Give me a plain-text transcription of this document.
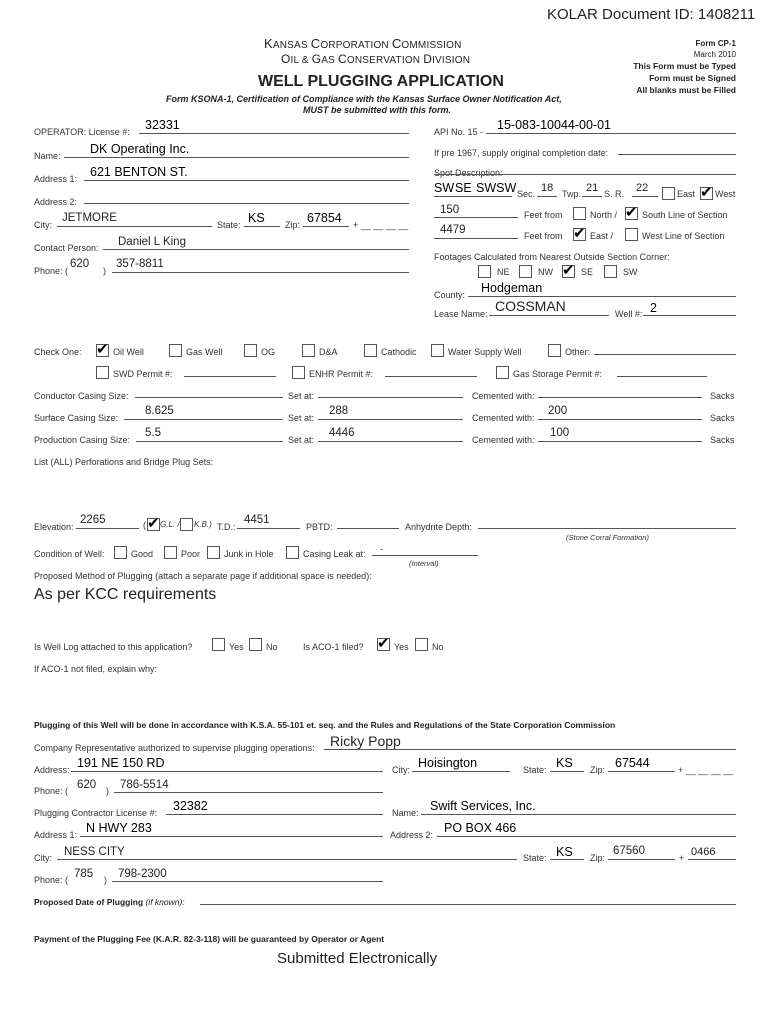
KOLAR Document ID: 1408211
KANSAS CORPORATION COMMISSION
OIL & GAS CONSERVATION DIVISION
WELL PLUGGING APPLICATION
Form KSONA-1, Certification of Compliance with the Kansas Surface Owner Notification Act,
MUST be submitted with this form.
Form CP-1
March 2010
This Form must be Typed
Form must be Signed
All blanks must be Filled
OPERATOR: License #: 32331
Name: DK Operating Inc.
Address 1: 621 BENTON ST.
Address 2:
City:
JETMORE
State: KS Zip: 67854 + __ __ __ __
Contact Person: Daniel L King
Phone: (
620
)
357-8811
API No. 15 - 15-083-10044-00-01
If pre 1967, supply original completion date:
Spot Description:
SW SE SWSW Sec. 18 Twp. 21 S. R. 22	East ✔ West
150	Feet from	North / ✔	South Line of Section
4479	Feet from ✔	East /	West Line of Section
Footages Calculated from Nearest Outside Section Corner:
NE	NW ✔	SE	SW
County: Hodgeman
Lease Name: COSSMAN	Well #: 2
Check One: ✔	Oil Well	Gas Well	OG	D&A	Cathodic	Water Supply Well	Other:
SWD Permit #:	ENHR Permit #:	Gas Storage Permit #:
Conductor Casing Size:	Set at:	Cemented with:	Sacks
Surface Casing Size:
8.625
Set at:
288
Cemented with:
200
Sacks
Production Casing Size:
5.5
Set at:
4446
Cemented with:
100
Sacks
List (ALL) Perforations and Bridge Plug Sets:
Elevation:
2265	( ✔ G.L. / K.B.) T.D.:
4451
PBTD:	Anhydrite Depth:
(Stone Corral Formation)
Condition of Well:	Good	Poor	Junk in Hole	Casing Leak at: -
(Interval)
Proposed Method of Plugging (attach a separate page if additional space is needed):
As per KCC requirements
Is Well Log attached to this application?	Yes No	Is ACO-1 filed? ✔	Yes	No
If ACO-1 not filed, explain why:
Plugging of this Well will be done in accordance with K.S.A. 55-101 et. seq. and the Rules and Regulations of the State Corporation Commission
Company Representative authorized to supervise plugging operations: Ricky Popp
Address: 191 NE 150 RD	City: Hoisington	State: KS Zip: 67544	+ __ __ __ __
Phone: ( 620 ) 786-5514
Plugging Contractor License #: 32382	Name: Swift Services, Inc.
Address 1: N HWY 283	Address 2: PO BOX 466
City: NESS CITY	State: KS Zip:
67560
+ 0466
Phone: ( 785 ) 798-2300
Proposed Date of Plugging (if known):
Payment of the Plugging Fee (K.A.R. 82-3-118) will be guaranteed by Operator or Agent
Submitted Electronically
